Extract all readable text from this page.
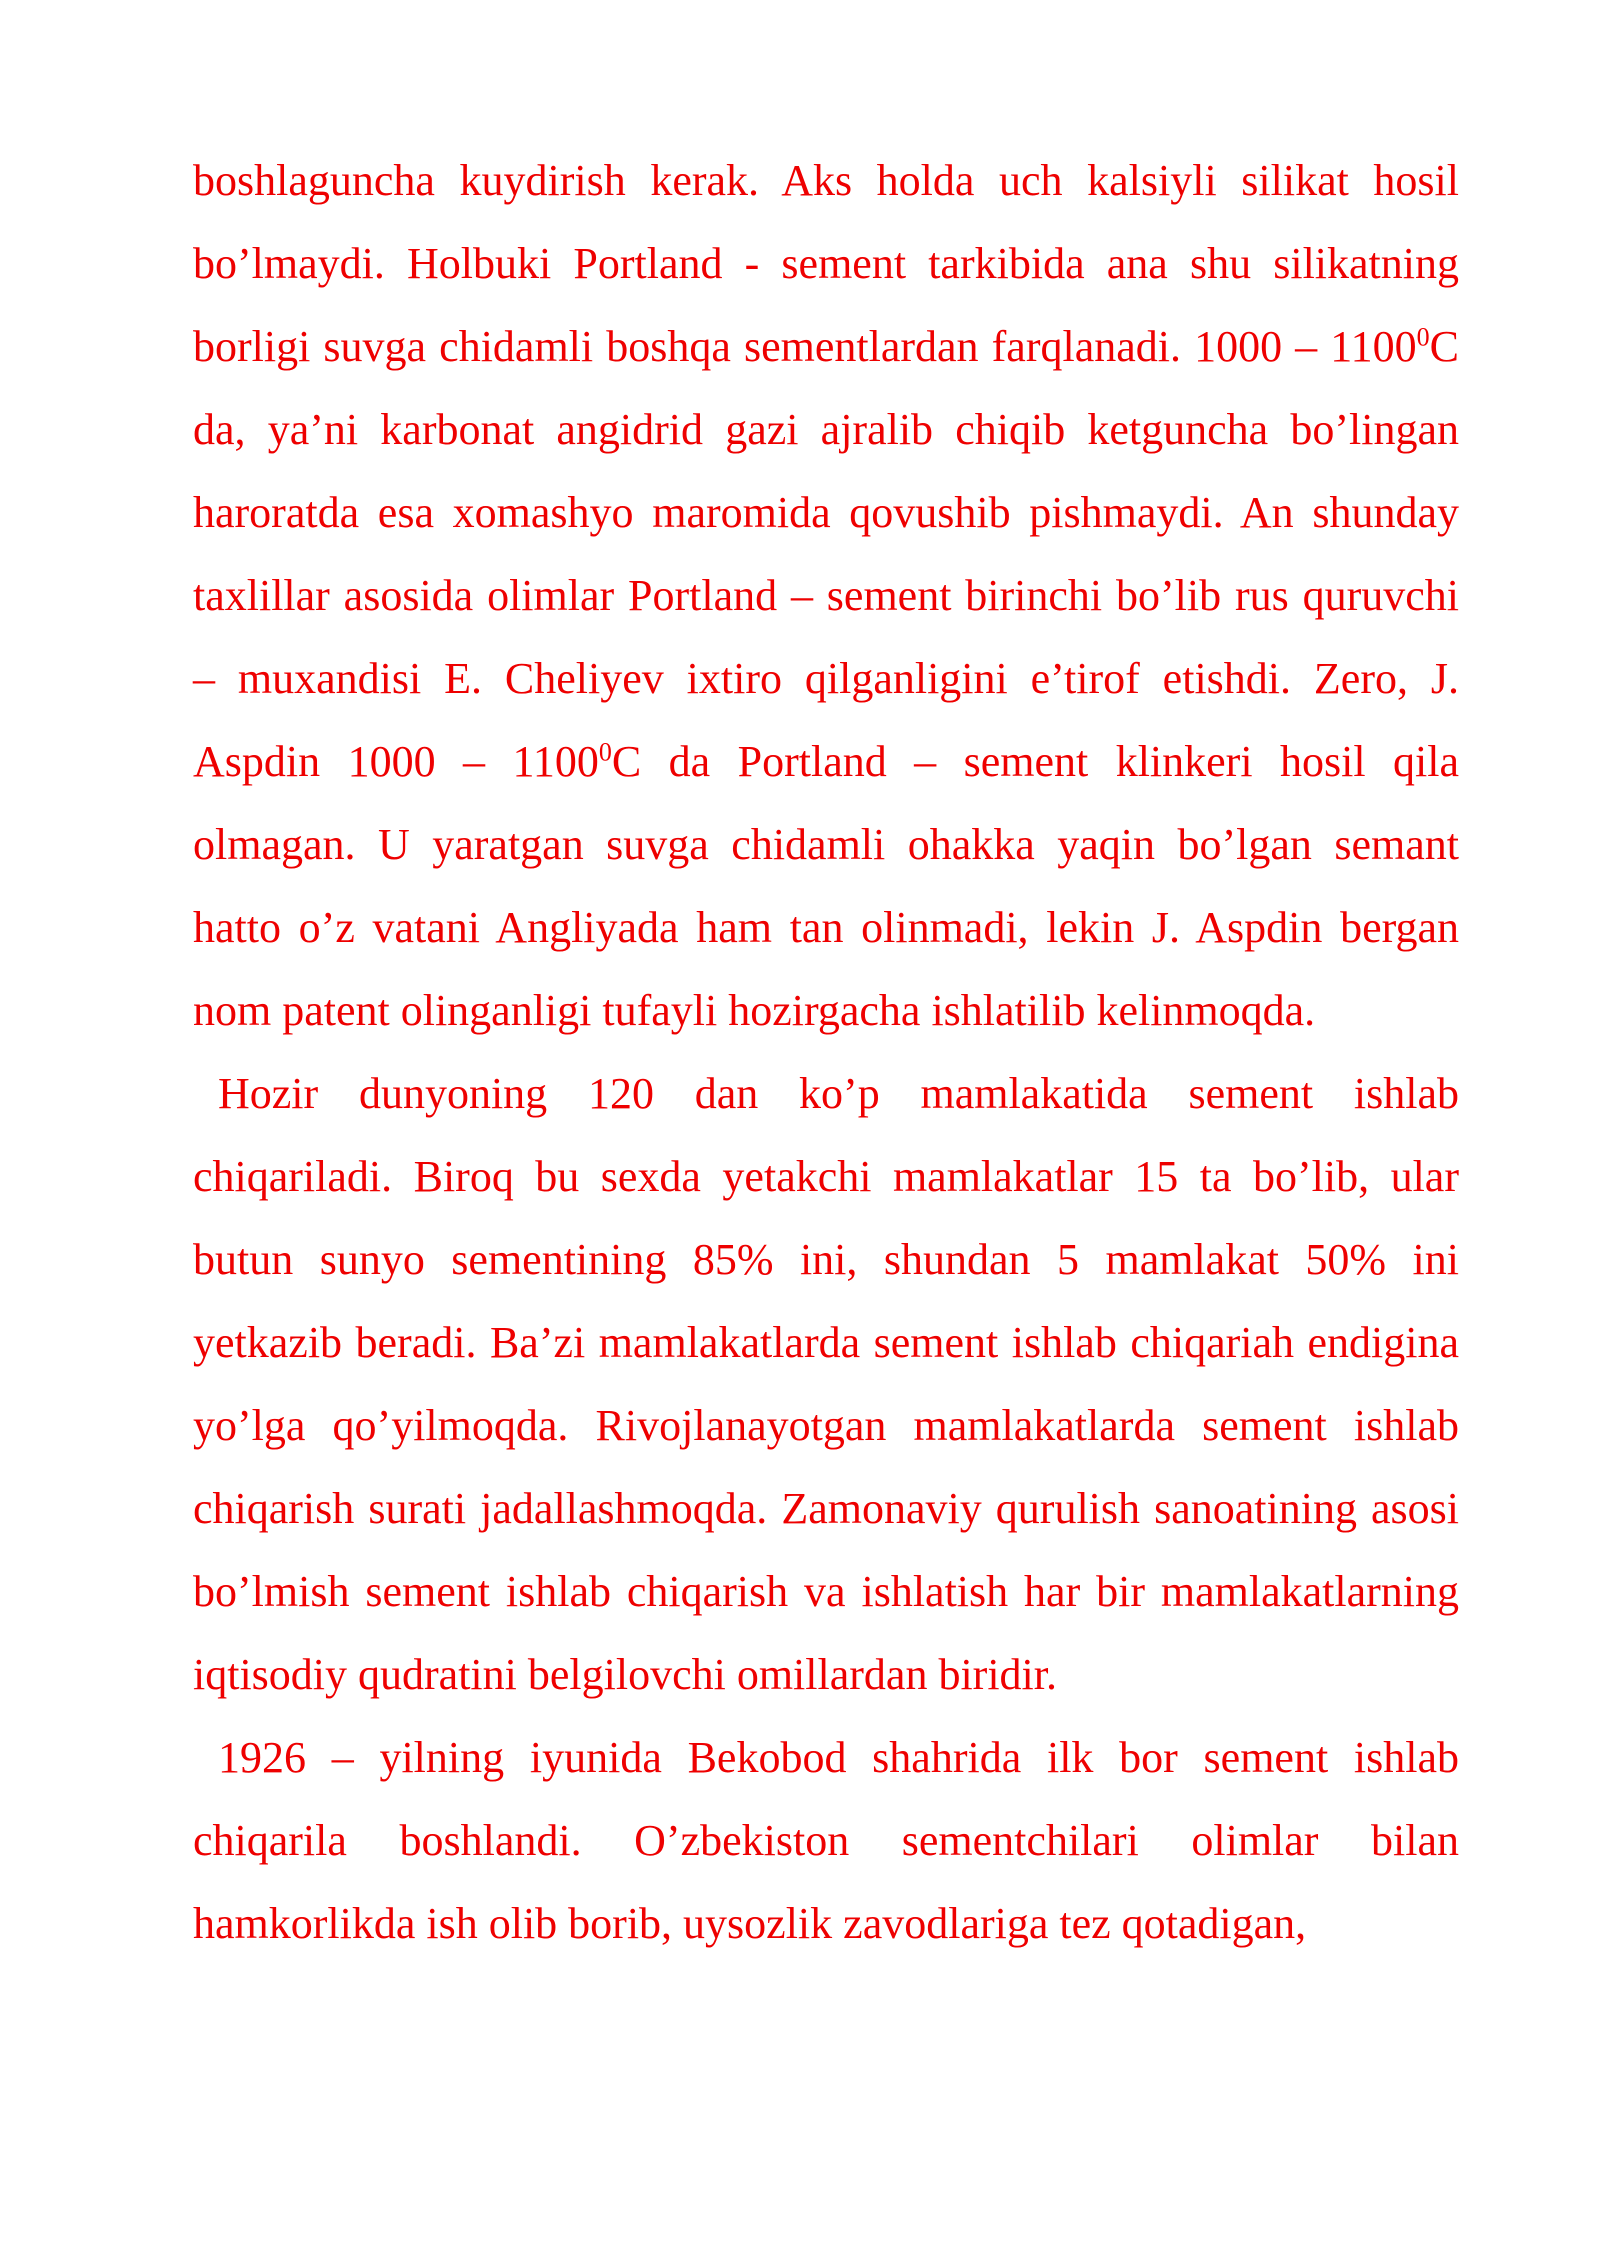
boshlaguncha kuydirish kerak. Aks holda uch kalsiyli silikat hosil bo’lmaydi. Holbuki Portland - sement tarkibida ana shu silikatning borligi suvga chidamli boshqa sementlardan farqlanadi. 1000 – 1100$^0$C da, ya’ni karbonat angidrid gazi ajralib chiqib ketguncha bo’lingan haroratda esa xomashyo maromida qovushib pishmaydi. An shunday taxlillar asosida olimlar Portland – sement birinchi bo’lib rus quruvchi – muxandisi E. Cheliyev ixtiro qilganligini e’tirof etishdi. Zero, J. Aspdin 1000 – 1100$^0$C da Portland – sement klinkeri hosil qila olmagan. U yaratgan suvga chidamli ohakka yaqin bo’lgan semant hatto o’z vatani Angliyada ham tan olinmadi, lekin J. Aspdin bergan nom patent olinganligi tufayli hozirgacha ishlatilib kelinmoqda.

Hozir dunyoning 120 dan ko’p mamlakatida sement ishlab chiqariladi. Biroq bu sexda yetakchi mamlakatlar 15 ta bo’lib, ular butun sunyo sementining 85% ini, shundan 5 mamlakat 50% ini yetkazib beradi. Ba’zi mamlakatlarda sement ishlab chiqariah endigina yo’lga qo’yilmoqda. Rivojlanayotgan mamlakatlarda sement ishlab chiqarish surati jadallashmoqda. Zamonaviy qurulish sanoatining asosi bo’lmish sement ishlab chiqarish va ishlatish har bir mamlakatlarning iqtisodiy qudratini belgilovchi omillardan biridir.

1926 – yilning iyunida Bekobod shahrida ilk bor sement ishlab chiqarila boshlandi. O’zbekiston sementchilari olimlar bilan hamkorlikda ish olib borib, uysozlik zavodlariga tez qotadigan,
